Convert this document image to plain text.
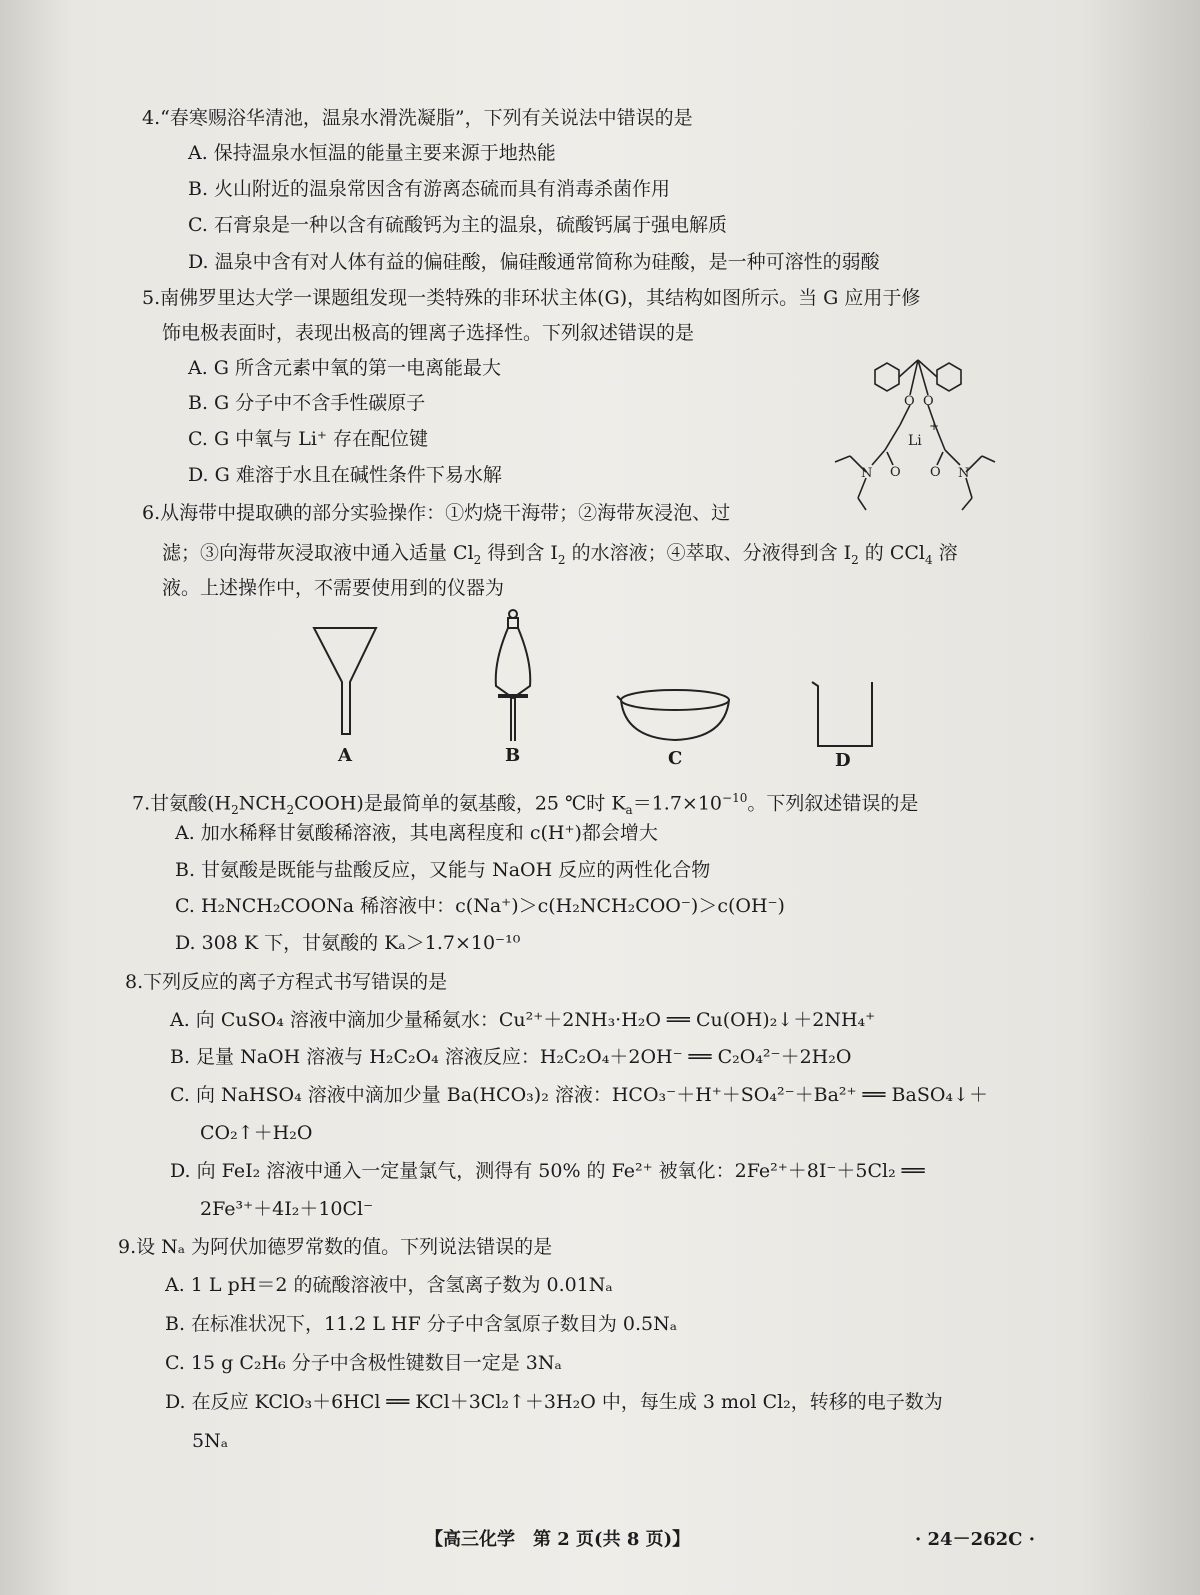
4.“春寒赐浴华清池，温泉水滑洗凝脂”，下列有关说法中错误的是
A. 保持温泉水恒温的能量主要来源于地热能
B. 火山附近的温泉常因含有游离态硫而具有消毒杀菌作用
C. 石膏泉是一种以含有硫酸钙为主的温泉，硫酸钙属于强电解质
D. 温泉中含有对人体有益的偏硅酸，偏硅酸通常简称为硅酸，是一种可溶性的弱酸
5.南佛罗里达大学一课题组发现一类特殊的非环状主体(G)，其结构如图所示。当 G 应用于修
饰电极表面时，表现出极高的锂离子选择性。下列叙述错误的是
A. G 所含元素中氧的第一电离能最大
B. G 分子中不含手性碳原子
C. G 中氧与 Li⁺ 存在配位键
D. G 难溶于水且在碱性条件下易水解
O O
+
Li
O O
N	N
6.从海带中提取碘的部分实验操作：①灼烧干海带；②海带灰浸泡、过
滤；③向海带灰浸取液中通入适量 $Cl_2$ 得到含 $I_2$ 的水溶液；④萃取、分液得到含 $I_2$ 的 CCl$_4$ 溶
液。上述操作中，不需要使用到的仪器为
A	B	C	D
7.甘氨酸$(H_2NCH_2COOH)$是最简单的氨基酸，25 ℃时 $K_a=1.7\times 10^{-10}$。下列叙述错误的是
A. 加水稀释甘氨酸稀溶液，其电离程度和 c(H⁺)都会增大
B. 甘氨酸是既能与盐酸反应，又能与 NaOH 反应的两性化合物
C. H₂NCH₂COONa 稀溶液中：c(Na⁺)＞c(H₂NCH₂COO⁻)＞c(OH⁻)
D. 308 K 下，甘氨酸的 Kₐ＞1.7×10⁻¹⁰
8.下列反应的离子方程式书写错误的是
A. 向 CuSO₄ 溶液中滴加少量稀氨水：Cu²⁺＋2NH₃·H₂O ══ Cu(OH)₂↓＋2NH₄⁺
B. 足量 NaOH 溶液与 H₂C₂O₄ 溶液反应：H₂C₂O₄＋2OH⁻ ══ C₂O₄²⁻＋2H₂O
C. 向 NaHSO₄ 溶液中滴加少量 Ba(HCO₃)₂ 溶液：HCO₃⁻＋H⁺＋SO₄²⁻＋Ba²⁺ ══ BaSO₄↓＋
CO₂↑＋H₂O
D. 向 FeI₂ 溶液中通入一定量氯气，测得有 50% 的 Fe²⁺ 被氧化：2Fe²⁺＋8I⁻＋5Cl₂ ══
2Fe³⁺＋4I₂＋10Cl⁻
9.设 Nₐ 为阿伏加德罗常数的值。下列说法错误的是
A. 1 L pH＝2 的硫酸溶液中，含氢离子数为 0.01Nₐ
B. 在标准状况下，11.2 L HF 分子中含氢原子数目为 0.5Nₐ
C. 15 g C₂H₆ 分子中含极性键数目一定是 3Nₐ
D. 在反应 KClO₃＋6HCl ══ KCl＋3Cl₂↑＋3H₂O 中，每生成 3 mol Cl₂，转移的电子数为
5Nₐ
【高三化学　第 2 页(共 8 页)】	· 24－262C ·
